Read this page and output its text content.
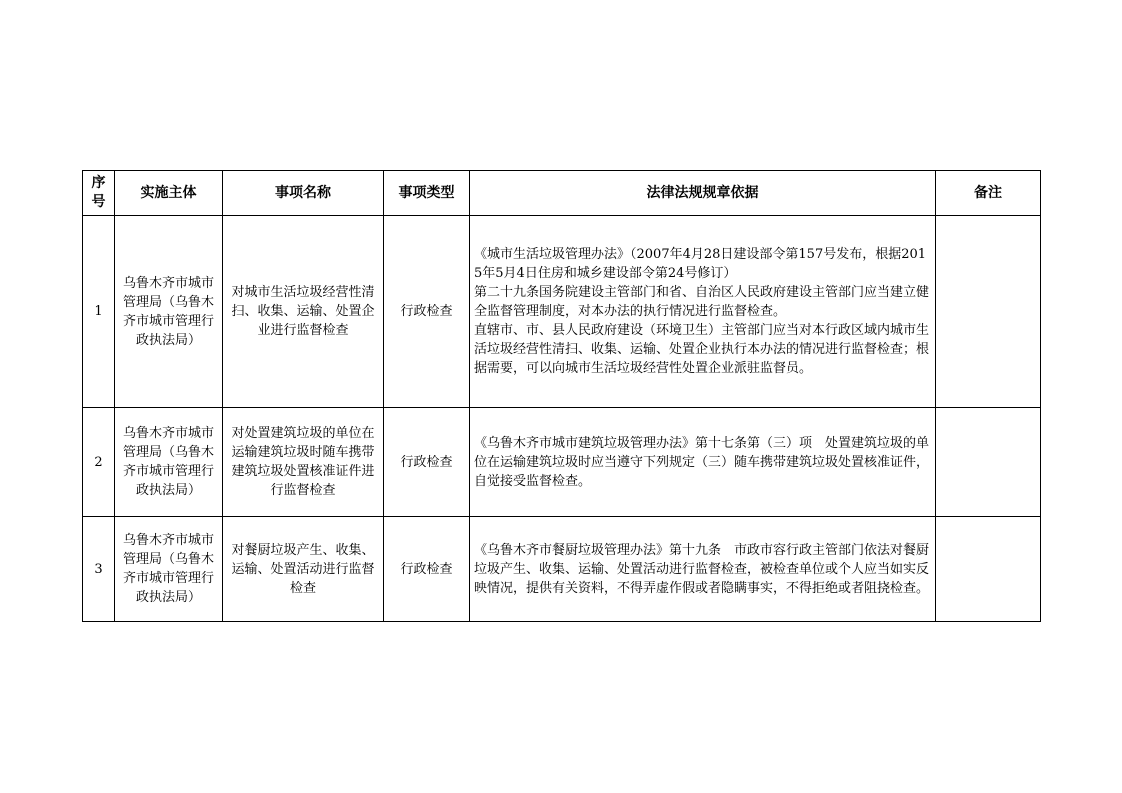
序号	实施主体	事项名称	事项类型	法律法规规章依据	备注
1	乌鲁木齐市城市管理局（乌鲁木齐市城市管理行政执法局）	对城市生活垃圾经营性清扫、收集、运输、处置企业进行监督检查	行政检查	《城市生活垃圾管理办法》（2007年4月28日建设部令第157号发布，根据2015年5月4日住房和城乡建设部令第24号修订）
第二十九条国务院建设主管部门和省、自治区人民政府建设主管部门应当建立健全监督管理制度，对本办法的执行情况进行监督检查。
直辖市、市、县人民政府建设（环境卫生）主管部门应当对本行政区域内城市生活垃圾经营性清扫、收集、运输、处置企业执行本办法的情况进行监督检查；根据需要，可以向城市生活垃圾经营性处置企业派驻监督员。	

2	乌鲁木齐市城市管理局（乌鲁木齐市城市管理行政执法局）	对处置建筑垃圾的单位在运输建筑垃圾时随车携带建筑垃圾处置核准证件进行监督检查	行政检查	《乌鲁木齐市城市建筑垃圾管理办法》第十七条第（三）项　处置建筑垃圾的单位在运输建筑垃圾时应当遵守下列规定（三）随车携带建筑垃圾处置核准证件，自觉接受监督检查。	

3	乌鲁木齐市城市管理局（乌鲁木齐市城市管理行政执法局）	对餐厨垃圾产生、收集、运输、处置活动进行监督检查	行政检查	《乌鲁木齐市餐厨垃圾管理办法》第十九条　市政市容行政主管部门依法对餐厨垃圾产生、收集、运输、处置活动进行监督检查，被检查单位或个人应当如实反映情况，提供有关资料，不得弄虚作假或者隐瞒事实，不得拒绝或者阻挠检查。	
